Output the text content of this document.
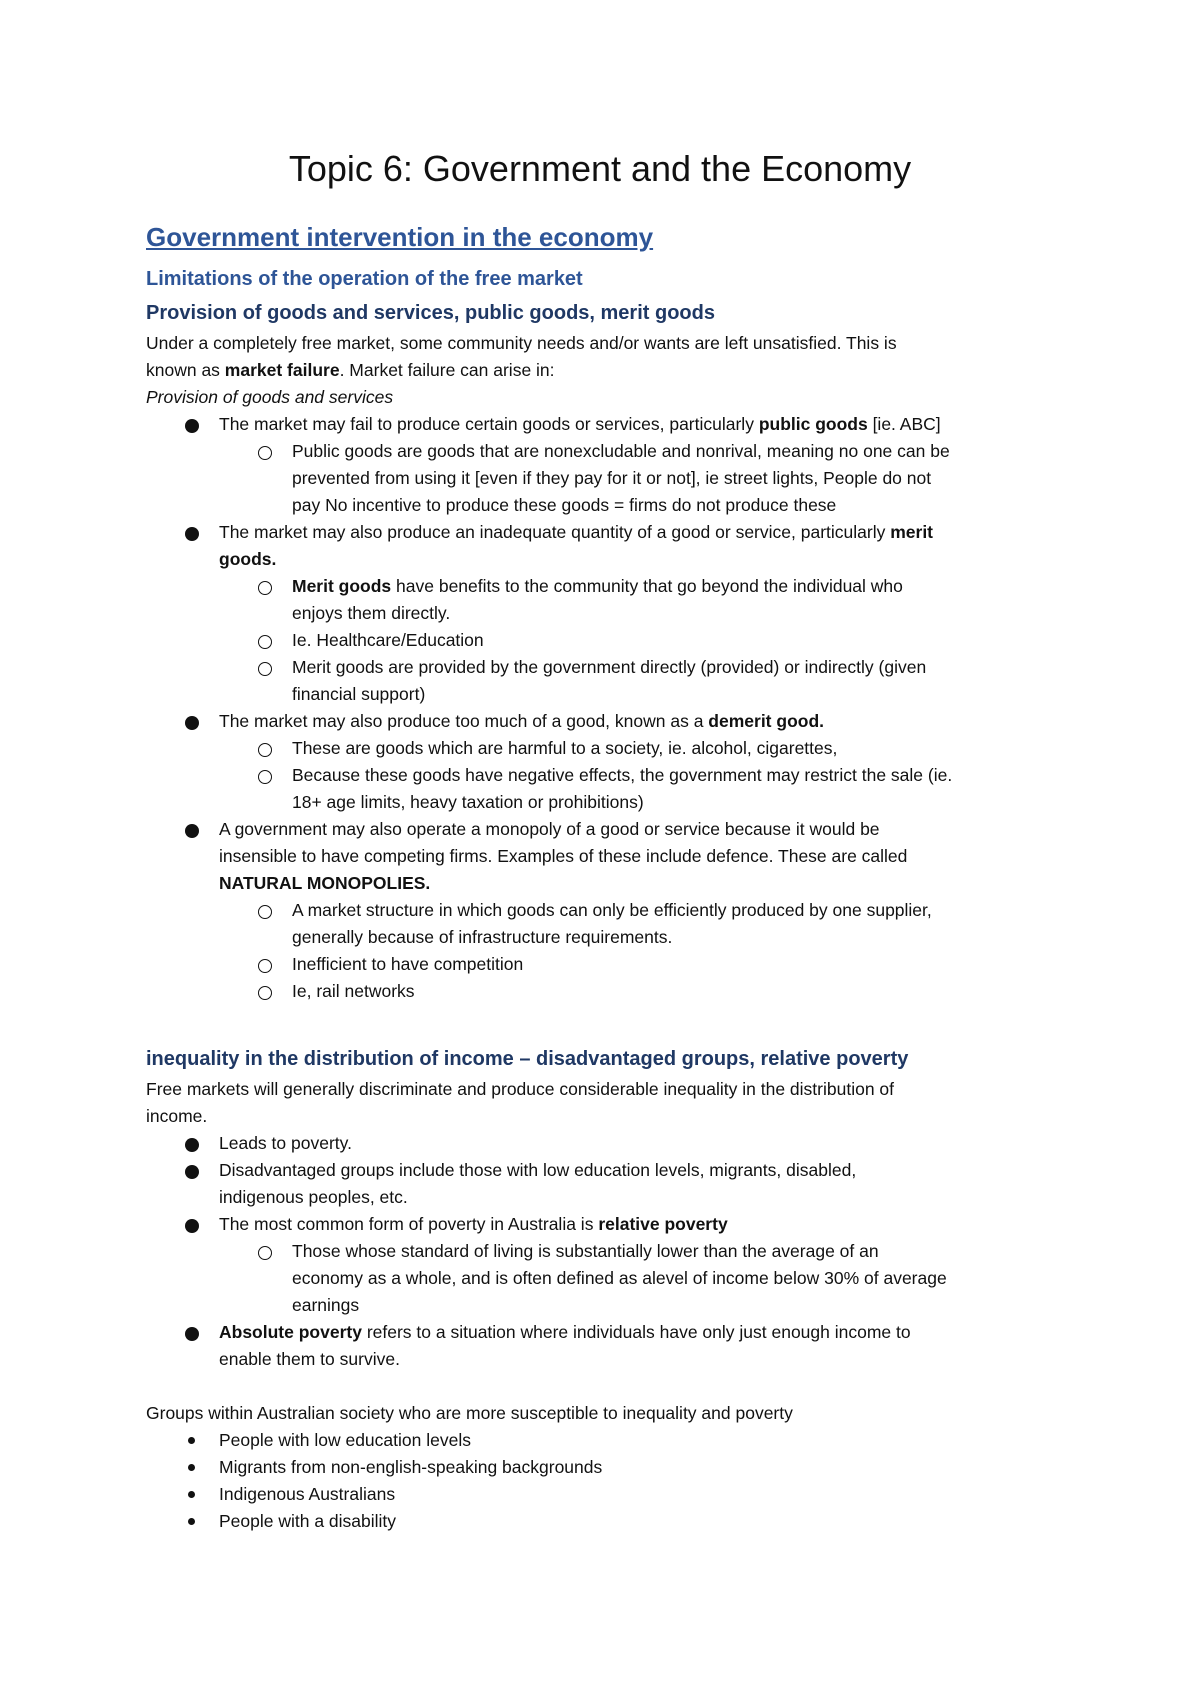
Topic 6: Government and the Economy
Government intervention in the economy
Limitations of the operation of the free market
Provision of goods and services, public goods, merit goods

Under a completely free market, some community needs and/or wants are left unsatisfied. This is

known as market failure. Market failure can arise in:

Provision of goods and services

The market may fail to produce certain goods or services, particularly public goods [ie. ABC]

Public goods are goods that are nonexcludable and nonrival, meaning no one can be

prevented from using it [even if they pay for it or not], ie street lights, People do not

pay No incentive to produce these goods = firms do not produce these

The market may also produce an inadequate quantity of a good or service, particularly merit

goods.

Merit goods have benefits to the community that go beyond the individual who

enjoys them directly.

Ie. Healthcare/Education

Merit goods are provided by the government directly (provided) or indirectly (given

financial support)

The market may also produce too much of a good, known as a demerit good.

These are goods which are harmful to a society, ie. alcohol, cigarettes,

Because these goods have negative effects, the government may restrict the sale (ie.

18+ age limits, heavy taxation or prohibitions)

A government may also operate a monopoly of a good or service because it would be

insensible to have competing firms. Examples of these include defence. These are called

NATURAL MONOPOLIES.

A market structure in which goods can only be efficiently produced by one supplier,

generally because of infrastructure requirements.

Inefficient to have competition

Ie, rail networks

inequality in the distribution of income – disadvantaged groups, relative poverty

Free markets will generally discriminate and produce considerable inequality in the distribution of

income.

Leads to poverty.

Disadvantaged groups include those with low education levels, migrants, disabled,

indigenous peoples, etc.

The most common form of poverty in Australia is relative poverty

Those whose standard of living is substantially lower than the average of an

economy as a whole, and is often defined as alevel of income below 30% of average

earnings

Absolute poverty refers to a situation where individuals have only just enough income to

enable them to survive.

Groups within Australian society who are more susceptible to inequality and poverty

People with low education levels

Migrants from non-english-speaking backgrounds

Indigenous Australians

People with a disability
